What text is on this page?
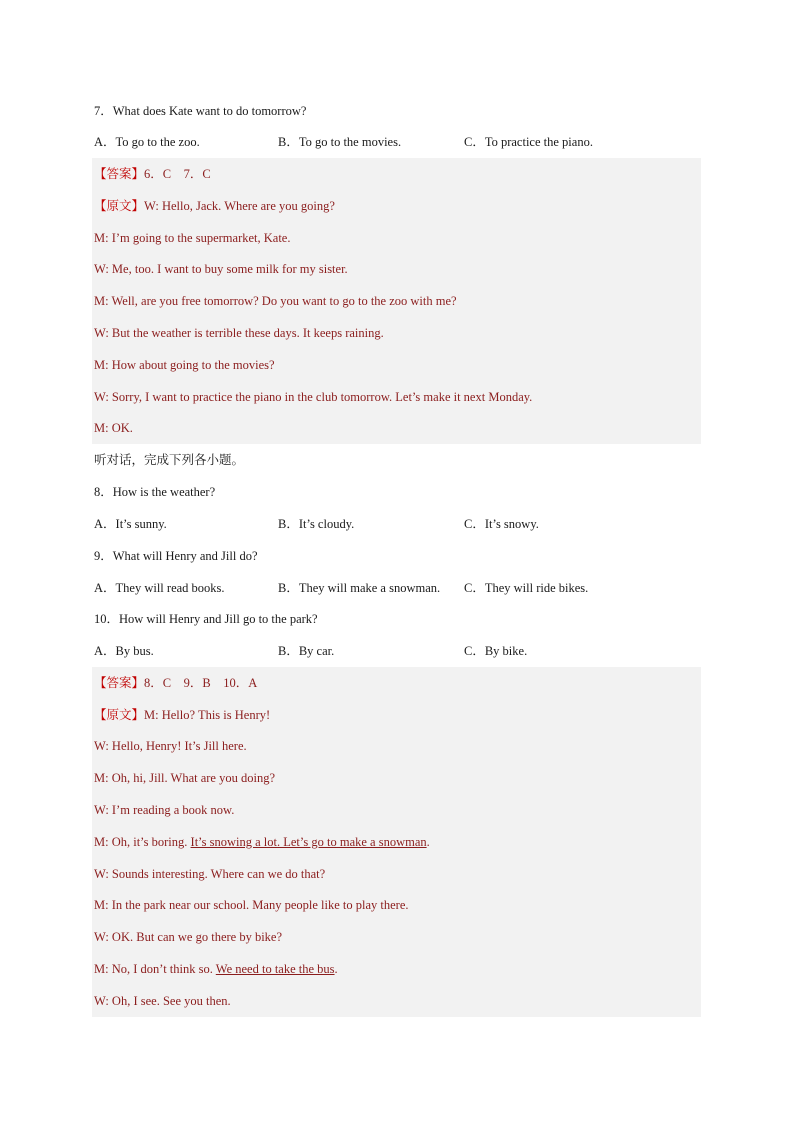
7．What does Kate want to do tomorrow?
A．To go to the zoo.	B．To go to the movies.	C．To practice the piano.
【答案】6．C　7．C
【原文】W: Hello, Jack. Where are you going?
M: I’m going to the supermarket, Kate.
W: Me, too. I want to buy some milk for my sister.
M: Well, are you free tomorrow? Do you want to go to the zoo with me?
W: But the weather is terrible these days. It keeps raining.
M: How about going to the movies?
W: Sorry, I want to practice the piano in the club tomorrow. Let’s make it next Monday.
M: OK.
听对话，完成下列各小题。
8．How is the weather?
A．It’s sunny.	B．It’s cloudy.	C．It’s snowy.
9．What will Henry and Jill do?
A．They will read books.	B．They will make a snowman. C．They will ride bikes.
10．How will Henry and Jill go to the park?
A．By bus.	B．By car.	C．By bike.
【答案】8．C　9．B　10．A
【原文】M: Hello? This is Henry!
W: Hello, Henry! It’s Jill here.
M: Oh, hi, Jill. What are you doing?
W: I’m reading a book now.
M: Oh, it’s boring. It’s snowing a lot. Let’s go to make a snowman.
W: Sounds interesting. Where can we do that?
M: In the park near our school. Many people like to play there.
W: OK. But can we go there by bike?
M: No, I don’t think so. We need to take the bus.
W: Oh, I see. See you then.
